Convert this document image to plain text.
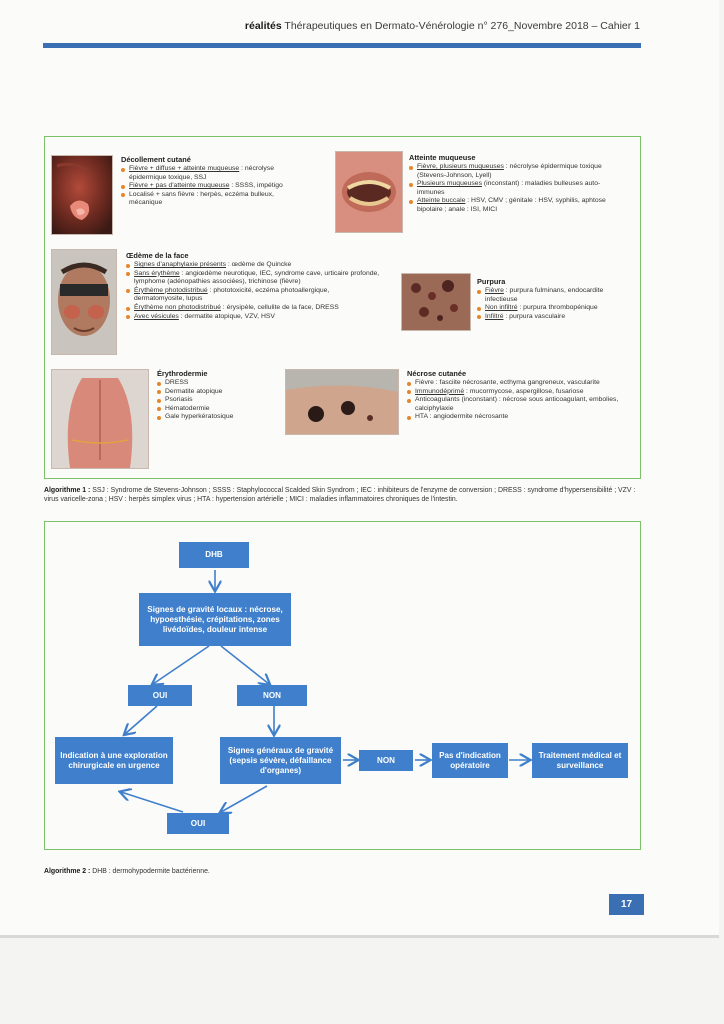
réalités Thérapeutiques en Dermato-Vénérologie n° 276_Novembre 2018 – Cahier 1
Décollement cutané
Fièvre + diffuse + atteinte muqueuse : nécrolyse épidermique toxique, SSJ
Fièvre + pas d'atteinte muqueuse : SSSS, impétigo
Localisé + sans fièvre : herpès, eczéma bulleux, mécanique
Atteinte muqueuse
Fièvre, plusieurs muqueuses : nécrolyse épidermique toxique (Stevens-Johnson, Lyell)
Plusieurs muqueuses (inconstant) : maladies bulleuses auto-immunes
Atteinte buccale : HSV, CMV ; génitale : HSV, syphilis, aphtose bipolaire ; anale : ISI, MICI
Œdème de la face
Signes d'anaphylaxie présents : œdème de Quincke
Sans érythème : angiœdème neurotique, IEC, syndrome cave, urticaire profonde, lymphome (adénopathies associées), trichinose (fièvre)
Érythème photodistribué : phototoxicité, eczéma photoallergique, dermatomyosite, lupus
Érythème non photodistribué : érysipèle, cellulite de la face, DRESS
Avec vésicules : dermatite atopique, VZV, HSV
Purpura
Fièvre : purpura fulminans, endocardite infectieuse
Non infiltré : purpura thrombopénique
Infiltré : purpura vasculaire
Érythrodermie
DRESS
Dermatite atopique
Psoriasis
Hématodermie
Gale hyperkératosique
Nécrose cutanée
Fièvre : fasciite nécrosante, ecthyma gangreneux, vascularite
Immunodéprimé : mucormycose, aspergillose, fusariose
Anticoagulants (inconstant) : nécrose sous anticoagulant, embolies, calciphylaxie
HTA : angiodermite nécrosante
Algorithme 1 : SSJ : Syndrome de Stevens-Johnson ; SSSS : Staphylococcal Scalded Skin Syndrom ; IEC : inhibiteurs de l'enzyme de conversion ; DRESS : syndrome d'hypersensibilité ; VZV : virus varicelle-zona ; HSV : herpès simplex virus ; HTA : hypertension artérielle ; MICI : maladies inflammatoires chroniques de l'intestin.
DHB
Signes de gravité locaux : nécrose, hypoesthésie, crépitations, zones livédoïdes, douleur intense
OUI	NON
Indication à une exploration chirurgicale en urgence
Signes généraux de gravité (sepsis sévère, défaillance d'organes)
NON
Pas d'indication opératoire
Traitement médical et surveillance
OUI
Algorithme 2 : DHB : dermohypodermite bactérienne.
17
